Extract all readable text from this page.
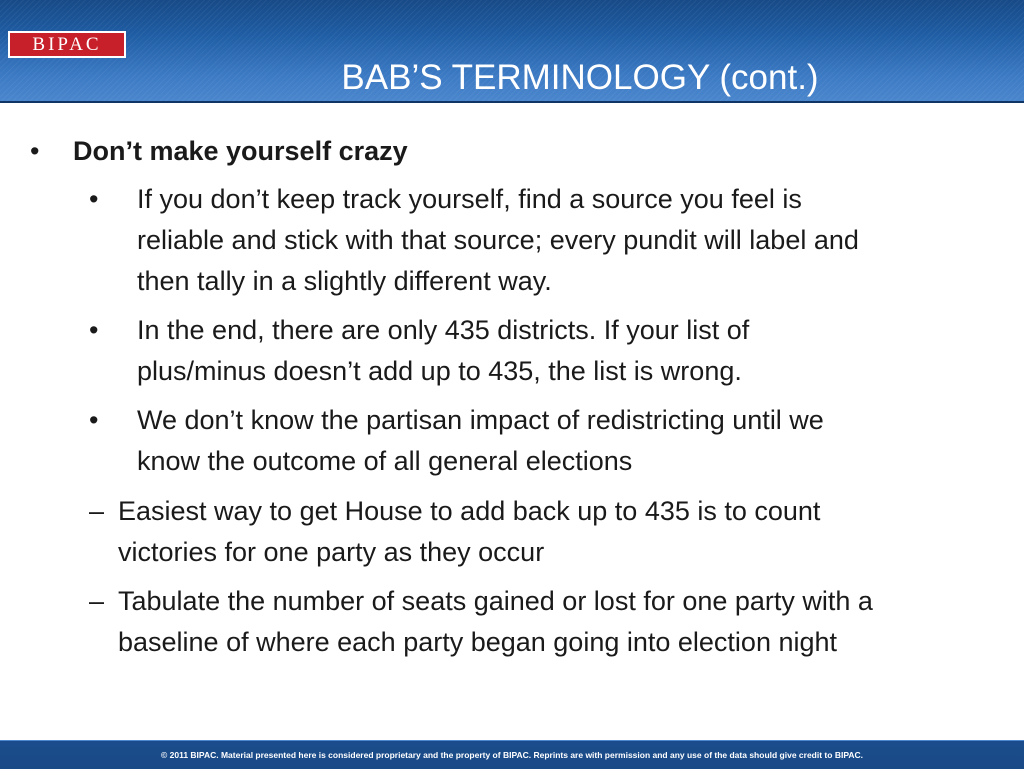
BIPAC
BAB’S TERMINOLOGY (cont.)
• Don’t make yourself crazy
• If you don’t keep track yourself, find a source you feel is
reliable and stick with that source; every pundit will label and
then tally in a slightly different way.
• In the end, there are only 435 districts. If your list of
plus/minus doesn’t add up to 435, the list is wrong.
• We don’t know the partisan impact of redistricting until we
know the outcome of all general elections
– Easiest way to get House to add back up to 435 is to count
victories for one party as they occur
– Tabulate the number of seats gained or lost for one party with a
baseline of where each party began going into election night
© 2011 BIPAC. Material presented here is considered proprietary and the property of BIPAC. Reprints are with permission and any use of the data should give credit to BIPAC.
